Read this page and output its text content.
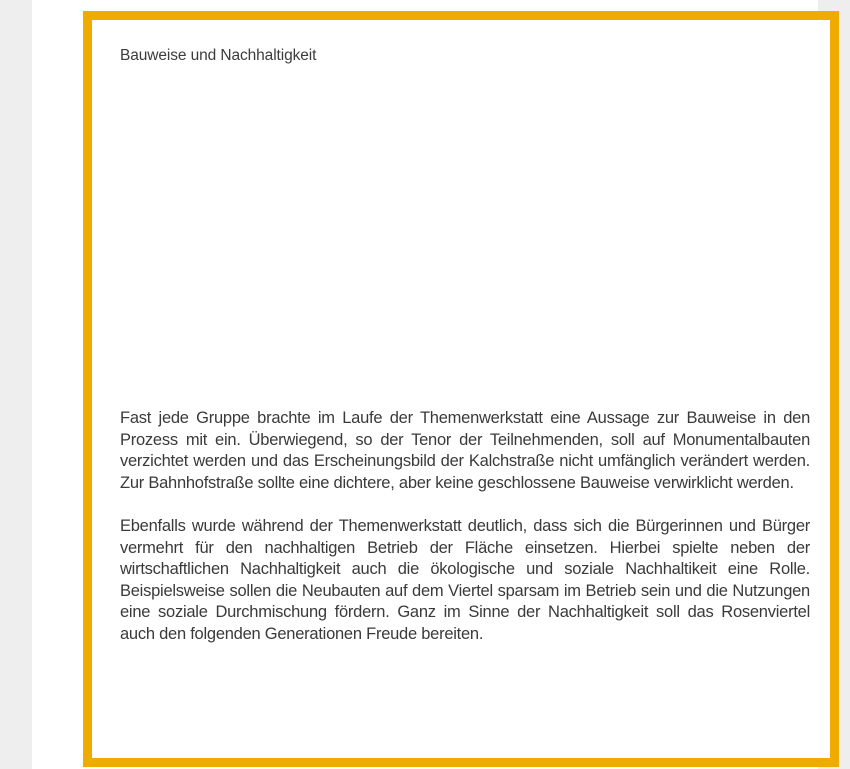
Bauweise und Nachhaltigkeit

Fast jede Gruppe brachte im Laufe der Themenwerkstatt eine Aussage zur Bauweise in den Prozess mit ein. Überwiegend, so der Tenor der Teilnehmenden, soll auf Monumentalbauten verzichtet werden und das Erscheinungsbild der Kalchstraße nicht umfänglich verändert werden. Zur Bahnhofstraße sollte eine dichtere, aber keine geschlossene Bauweise verwirklicht werden.

Ebenfalls wurde während der Themenwerkstatt deutlich, dass sich die Bürgerinnen und Bürger vermehrt für den nachhaltigen Betrieb der Fläche einsetzen. Hierbei spielte neben der wirtschaftlichen Nachhaltigkeit auch die ökologische und soziale Nachhaltikeit eine Rolle. Beispielsweise sollen die Neubauten auf dem Viertel sparsam im Betrieb sein und die Nutzungen eine soziale Durchmischung fördern. Ganz im Sinne der Nachhaltigkeit soll das Rosenviertel auch den folgenden Generationen Freude bereiten.
